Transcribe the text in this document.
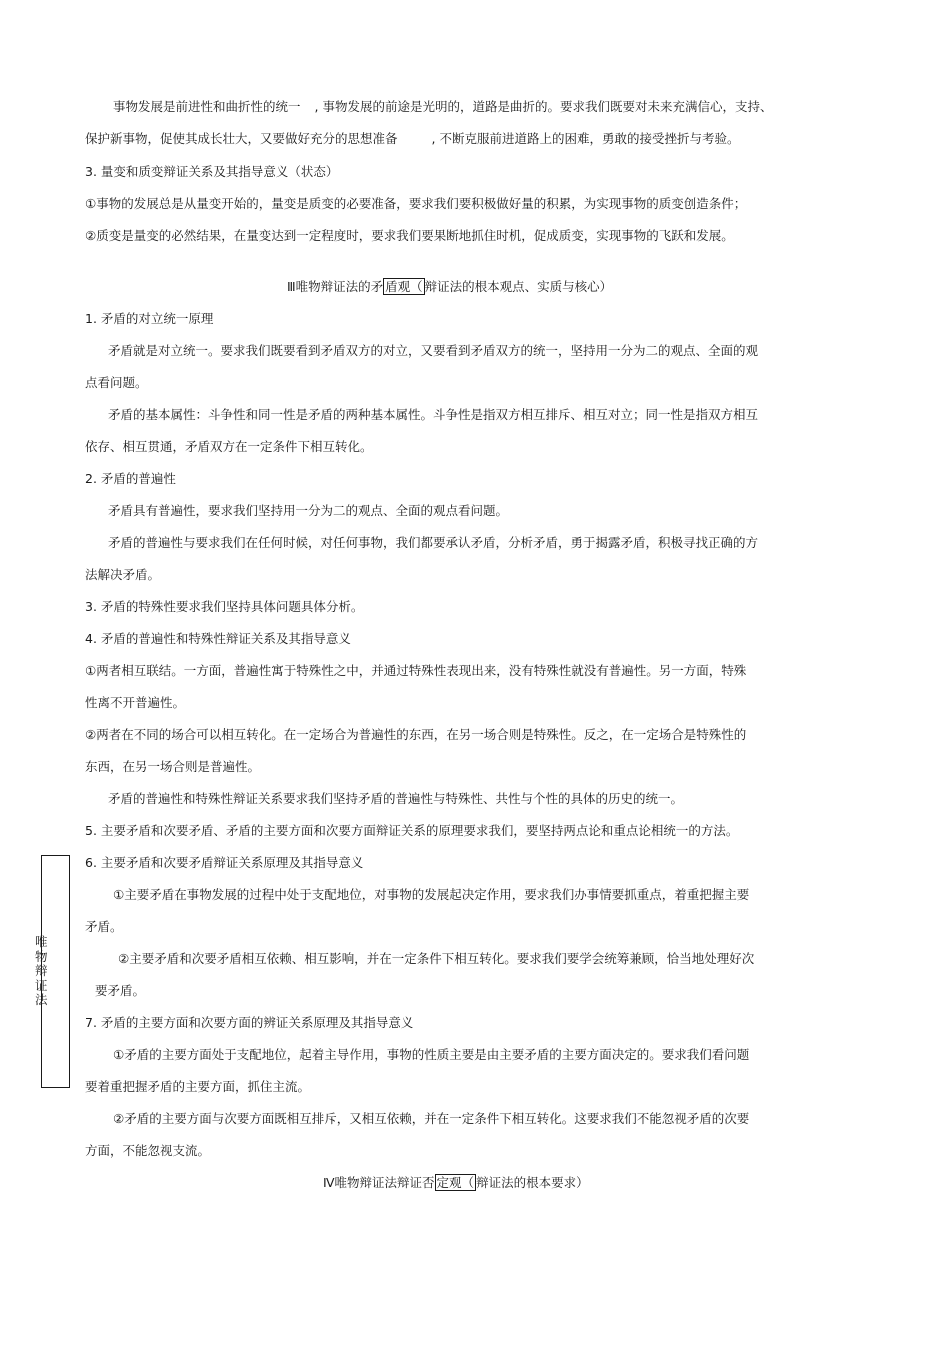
事物发展是前进性和曲折性的统一 , 事物发展的前途是光明的，道路是曲折的。要求我们既要对未来充满信心，支持、

保护新事物，促使其成长壮大，又要做好充分的思想准备	, 不断克服前进道路上的困难，勇敢的接受挫折与考验。

3. 量变和质变辩证关系及其指导意义（状态）

①事物的发展总是从量变开始的，量变是质变的必要准备，要求我们要积极做好量的积累，为实现事物的质变创造条件；

②质变是量变的必然结果，在量变达到一定程度时，要求我们要果断地抓住时机，促成质变，实现事物的飞跃和发展。

Ⅲ唯物辩证法的矛 盾观（ 辩证法的根本观点、实质与核心）

1. 矛盾的对立统一原理

矛盾就是对立统一。要求我们既要看到矛盾双方的对立，又要看到矛盾双方的统一，坚持用一分为二的观点、全面的观

点看问题。

矛盾的基本属性：斗争性和同一性是矛盾的两种基本属性。斗争性是指双方相互排斥、相互对立；同一性是指双方相互

依存、相互贯通，矛盾双方在一定条件下相互转化。

2. 矛盾的普遍性

矛盾具有普遍性，要求我们坚持用一分为二的观点、全面的观点看问题。

矛盾的普遍性与要求我们在任何时候，对任何事物，我们都要承认矛盾，分析矛盾，勇于揭露矛盾，积极寻找正确的方

法解决矛盾。

3. 矛盾的特殊性要求我们坚持具体问题具体分析。

4. 矛盾的普遍性和特殊性辩证关系及其指导意义

①两者相互联结。一方面，普遍性寓于特殊性之中，并通过特殊性表现出来，没有特殊性就没有普遍性。另一方面，特殊

性离不开普遍性。

②两者在不同的场合可以相互转化。在一定场合为普遍性的东西，在另一场合则是特殊性。反之，在一定场合是特殊性的

东西，在另一场合则是普遍性。

矛盾的普遍性和特殊性辩证关系要求我们坚持矛盾的普遍性与特殊性、共性与个性的具体的历史的统一。

5. 主要矛盾和次要矛盾、矛盾的主要方面和次要方面辩证关系的原理要求我们，要坚持两点论和重点论相统一的方法。

6. 主要矛盾和次要矛盾辩证关系原理及其指导意义

①主要矛盾在事物发展的过程中处于支配地位，对事物的发展起决定作用，要求我们办事情要抓重点，着重把握主要

矛盾。

②主要矛盾和次要矛盾相互依赖、相互影响，并在一定条件下相互转化。要求我们要学会统筹兼顾，恰当地处理好次

要矛盾。

7. 矛盾的主要方面和次要方面的辨证关系原理及其指导意义

①矛盾的主要方面处于支配地位，起着主导作用，事物的性质主要是由主要矛盾的主要方面决定的。要求我们看问题

要着重把握矛盾的主要方面，抓住主流。

②矛盾的主要方面与次要方面既相互排斥，又相互依赖，并在一定条件下相互转化。这要求我们不能忽视矛盾的次要

方面，不能忽视支流。

Ⅳ唯物辩证法辩证否 定观（ 辩证法的根本要求）

唯物辩证法
